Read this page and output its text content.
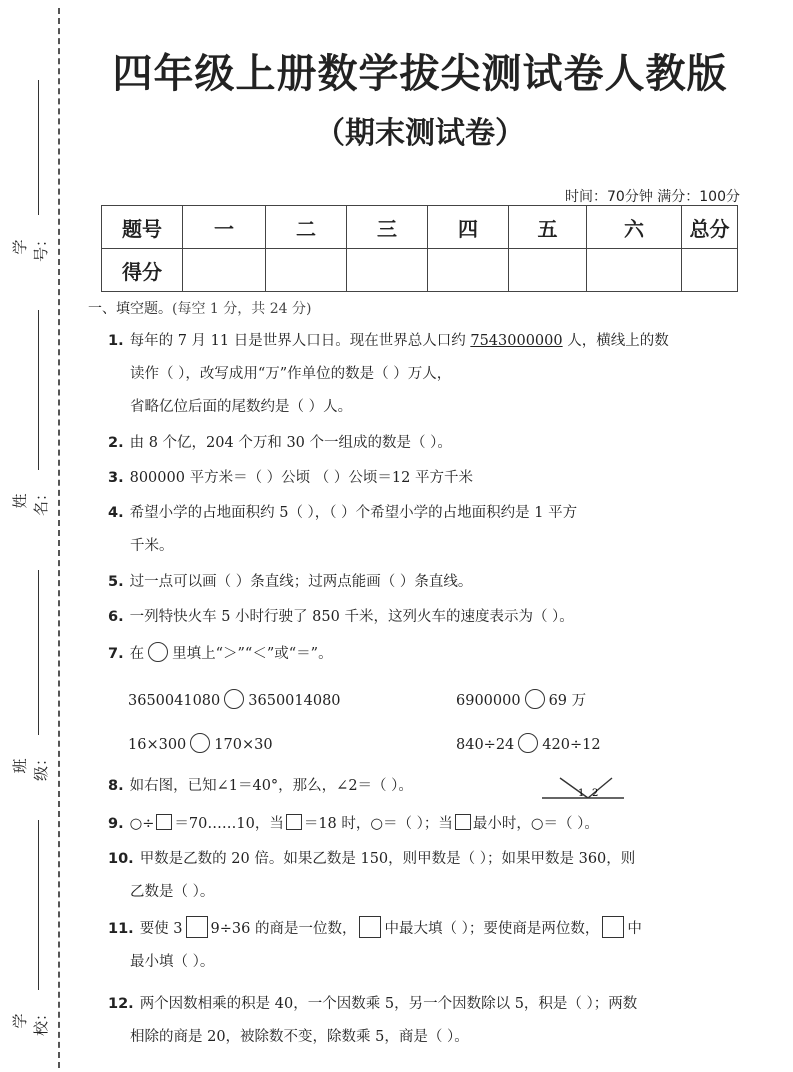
学号：
姓名：
班级：
学校：
四年级上册数学拔尖测试卷人教版
（期末测试卷）
时间：70分钟 满分：100分
题号	一	二	三	四	五	六	总分
得分							
一、填空题。(每空 1 分，共 24 分)
1. 每年的 7 月 11 日是世界人口日。现在世界总人口约 7543000000 人，横线上的数
读作（ ），改写成用“万”作单位的数是（ ）万人，
省略亿位后面的尾数约是（ ）人。
2. 由 8 个亿，204 个万和 30 个一组成的数是（ ）。
3. 800000 平方米＝（ ）公顷 （ ）公顷＝12 平方千米
4. 希望小学的占地面积约 5（ ），（ ）个希望小学的占地面积约是 1 平方
千米。
5. 过一点可以画（ ）条直线；过两点能画（ ）条直线。
6. 一列特快火车 5 小时行驶了 850 千米，这列火车的速度表示为（ ）。
7. 在 里填上“＞”“＜”或“＝”。
3650041080 3650014080	6900000 69 万
16×300 170×30	840÷24 420÷12
8. 如右图，已知∠1＝40°，那么，∠2＝（ ）。	1 2
9. ○÷ ＝70……10，当 ＝18 时，○＝（ ）；当 最小时，○＝（ ）。
10. 甲数是乙数的 20 倍。如果乙数是 150，则甲数是（ ）；如果甲数是 360，则
乙数是（ ）。
11. 要使 3 9÷36 的商是一位数， 中最大填（ ）；要使商是两位数， 中
最小填（ ）。
12. 两个因数相乘的积是 40，一个因数乘 5，另一个因数除以 5，积是（ ）；两数
相除的商是 20，被除数不变，除数乘 5，商是（ ）。
